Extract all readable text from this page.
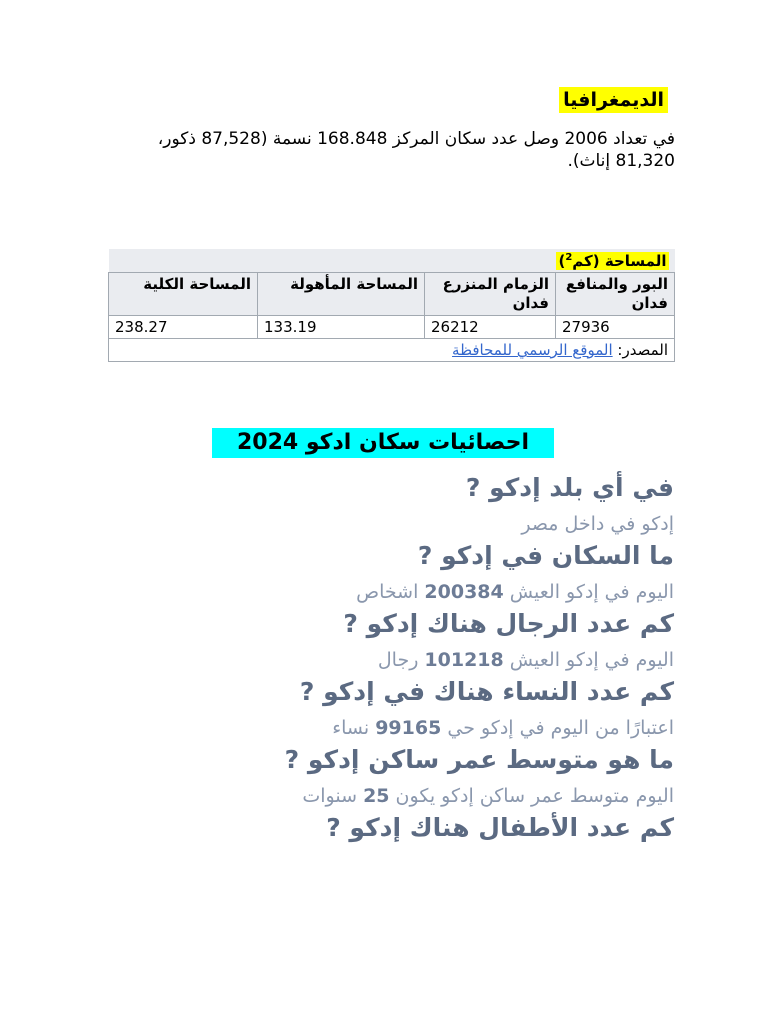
الديمغرافيا
في تعداد 2006 وصل عدد سكان المركز 168.848 نسمة (87,528 ذكور، 81,320 إناث).
المساحة (كم$^2$)			
البور والمنافع فدان	الزمام المنزرع فدان	المساحة المأهولة	المساحة الكلية
27936	26212	133.19	238.27
المصدر: الموقع الرسمي للمحافظة			
احصائيات سكان ادكو 2024
في أي بلد إدكو ?
إدكو في داخل مصر
ما السكان في إدكو ?
اليوم في إدكو العيش 200384 اشخاص
كم عدد الرجال هناك إدكو ?
اليوم في إدكو العيش 101218 رجال
كم عدد النساء هناك في إدكو ?
اعتبارًا من اليوم في إدكو حي 99165 نساء
ما هو متوسط عمر ساكن إدكو ?
اليوم متوسط عمر ساكن إدكو يكون 25 سنوات
كم عدد الأطفال هناك إدكو ?
